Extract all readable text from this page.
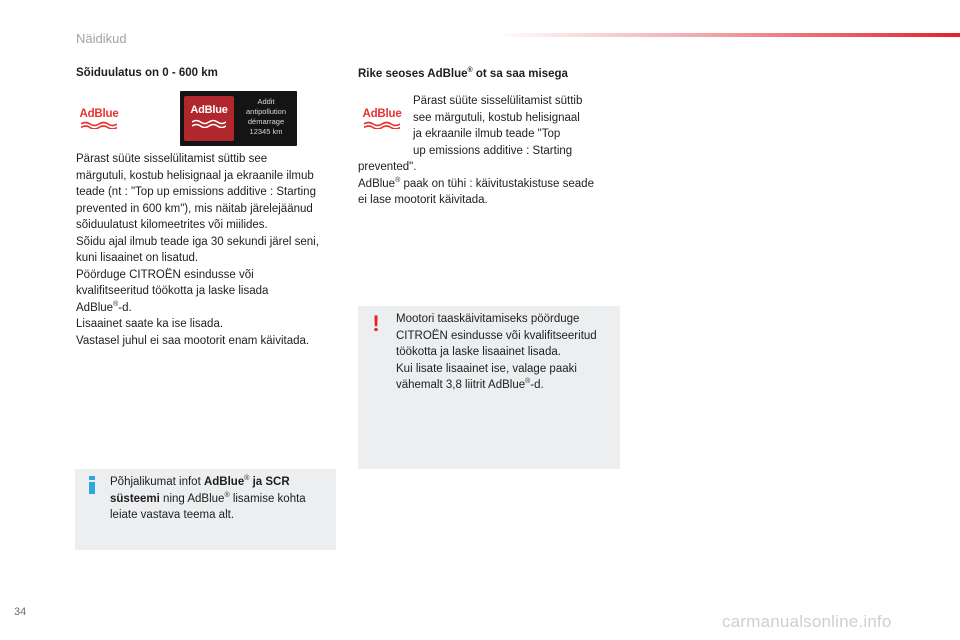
Näidikud
Sõiduulatus on 0 - 600 km
AdBlue	AdBlue
Addit
antipollution
démarrage
12345 km
Pärast süüte sisselülitamist süttib see
märgutuli, kostub helisignaal ja ekraanile ilmub
teade (nt : "Top up emissions additive : Starting
prevented in 600 km"), mis näitab järelejäänud
sõiduulatust kilomeetrites või miilides.
Sõidu ajal ilmub teade iga 30 sekundi järel seni,
kuni lisaainet on lisatud.
Pöörduge CITROËN esindusse või
kvalifitseeritud töökotta ja laske lisada
AdBlue®-d.
Lisaainet saate ka ise lisada.
Vastasel juhul ei saa mootorit enam käivitada.
Põhjalikumat infot AdBlue® ja SCR
süsteemi ning AdBlue® lisamise kohta
leiate vastava teema alt.
Rike seoses AdBlue® ot sa saa misega
AdBlue
Pärast süüte sisselülitamist süttib
see märgutuli, kostub helisignaal
ja ekraanile ilmub teade "Top
up emissions additive : Starting
prevented".
AdBlue® paak on tühi : käivitustakistuse seade
ei lase mootorit käivitada.
! Mootori taaskäivitamiseks pöörduge
CITROËN esindusse või kvalifitseeritud
töökotta ja laske lisaainet lisada.
Kui lisate lisaainet ise, valage paaki
vähemalt 3,8 liitrit AdBlue®-d.
34	carmanualsonline.info
